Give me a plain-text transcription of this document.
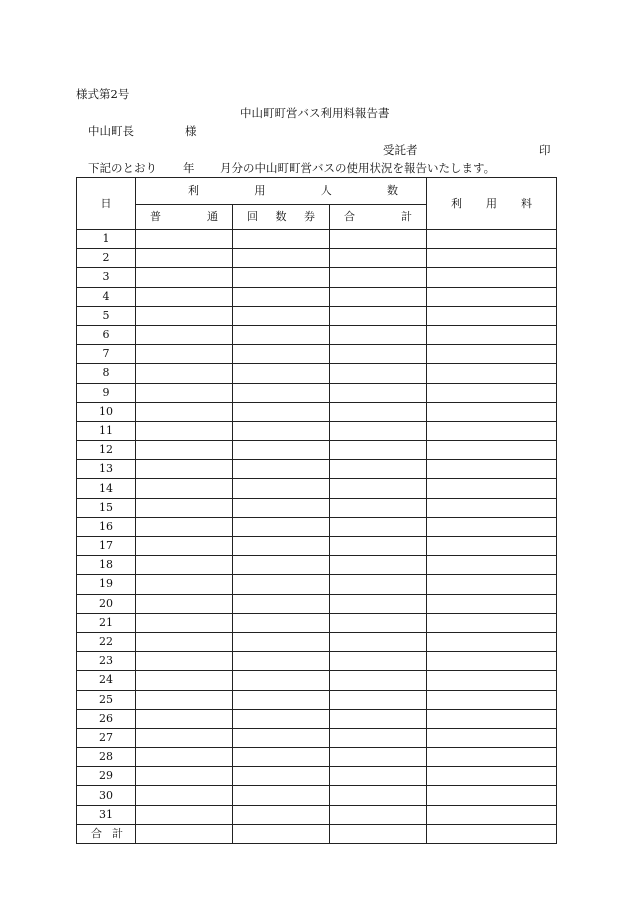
様式第2号
中山町町営バス利用料報告書
中山町長	様
受託者	印
下記のとおり 年 月分の中山町町営バスの使用状況を報告いたします。
日	利 用 人 数			利 用 料

	普 通	回 数 券	合 計	

1				
2				
3				
4				
5				
6				
7				
8				
9				
10				
11				
12				
13				
14				
15				
16				
17				
18				
19				
20				
21				
22				
23				
24				
25				
26				
27				
28				
29				
30				
31				

合 計				
